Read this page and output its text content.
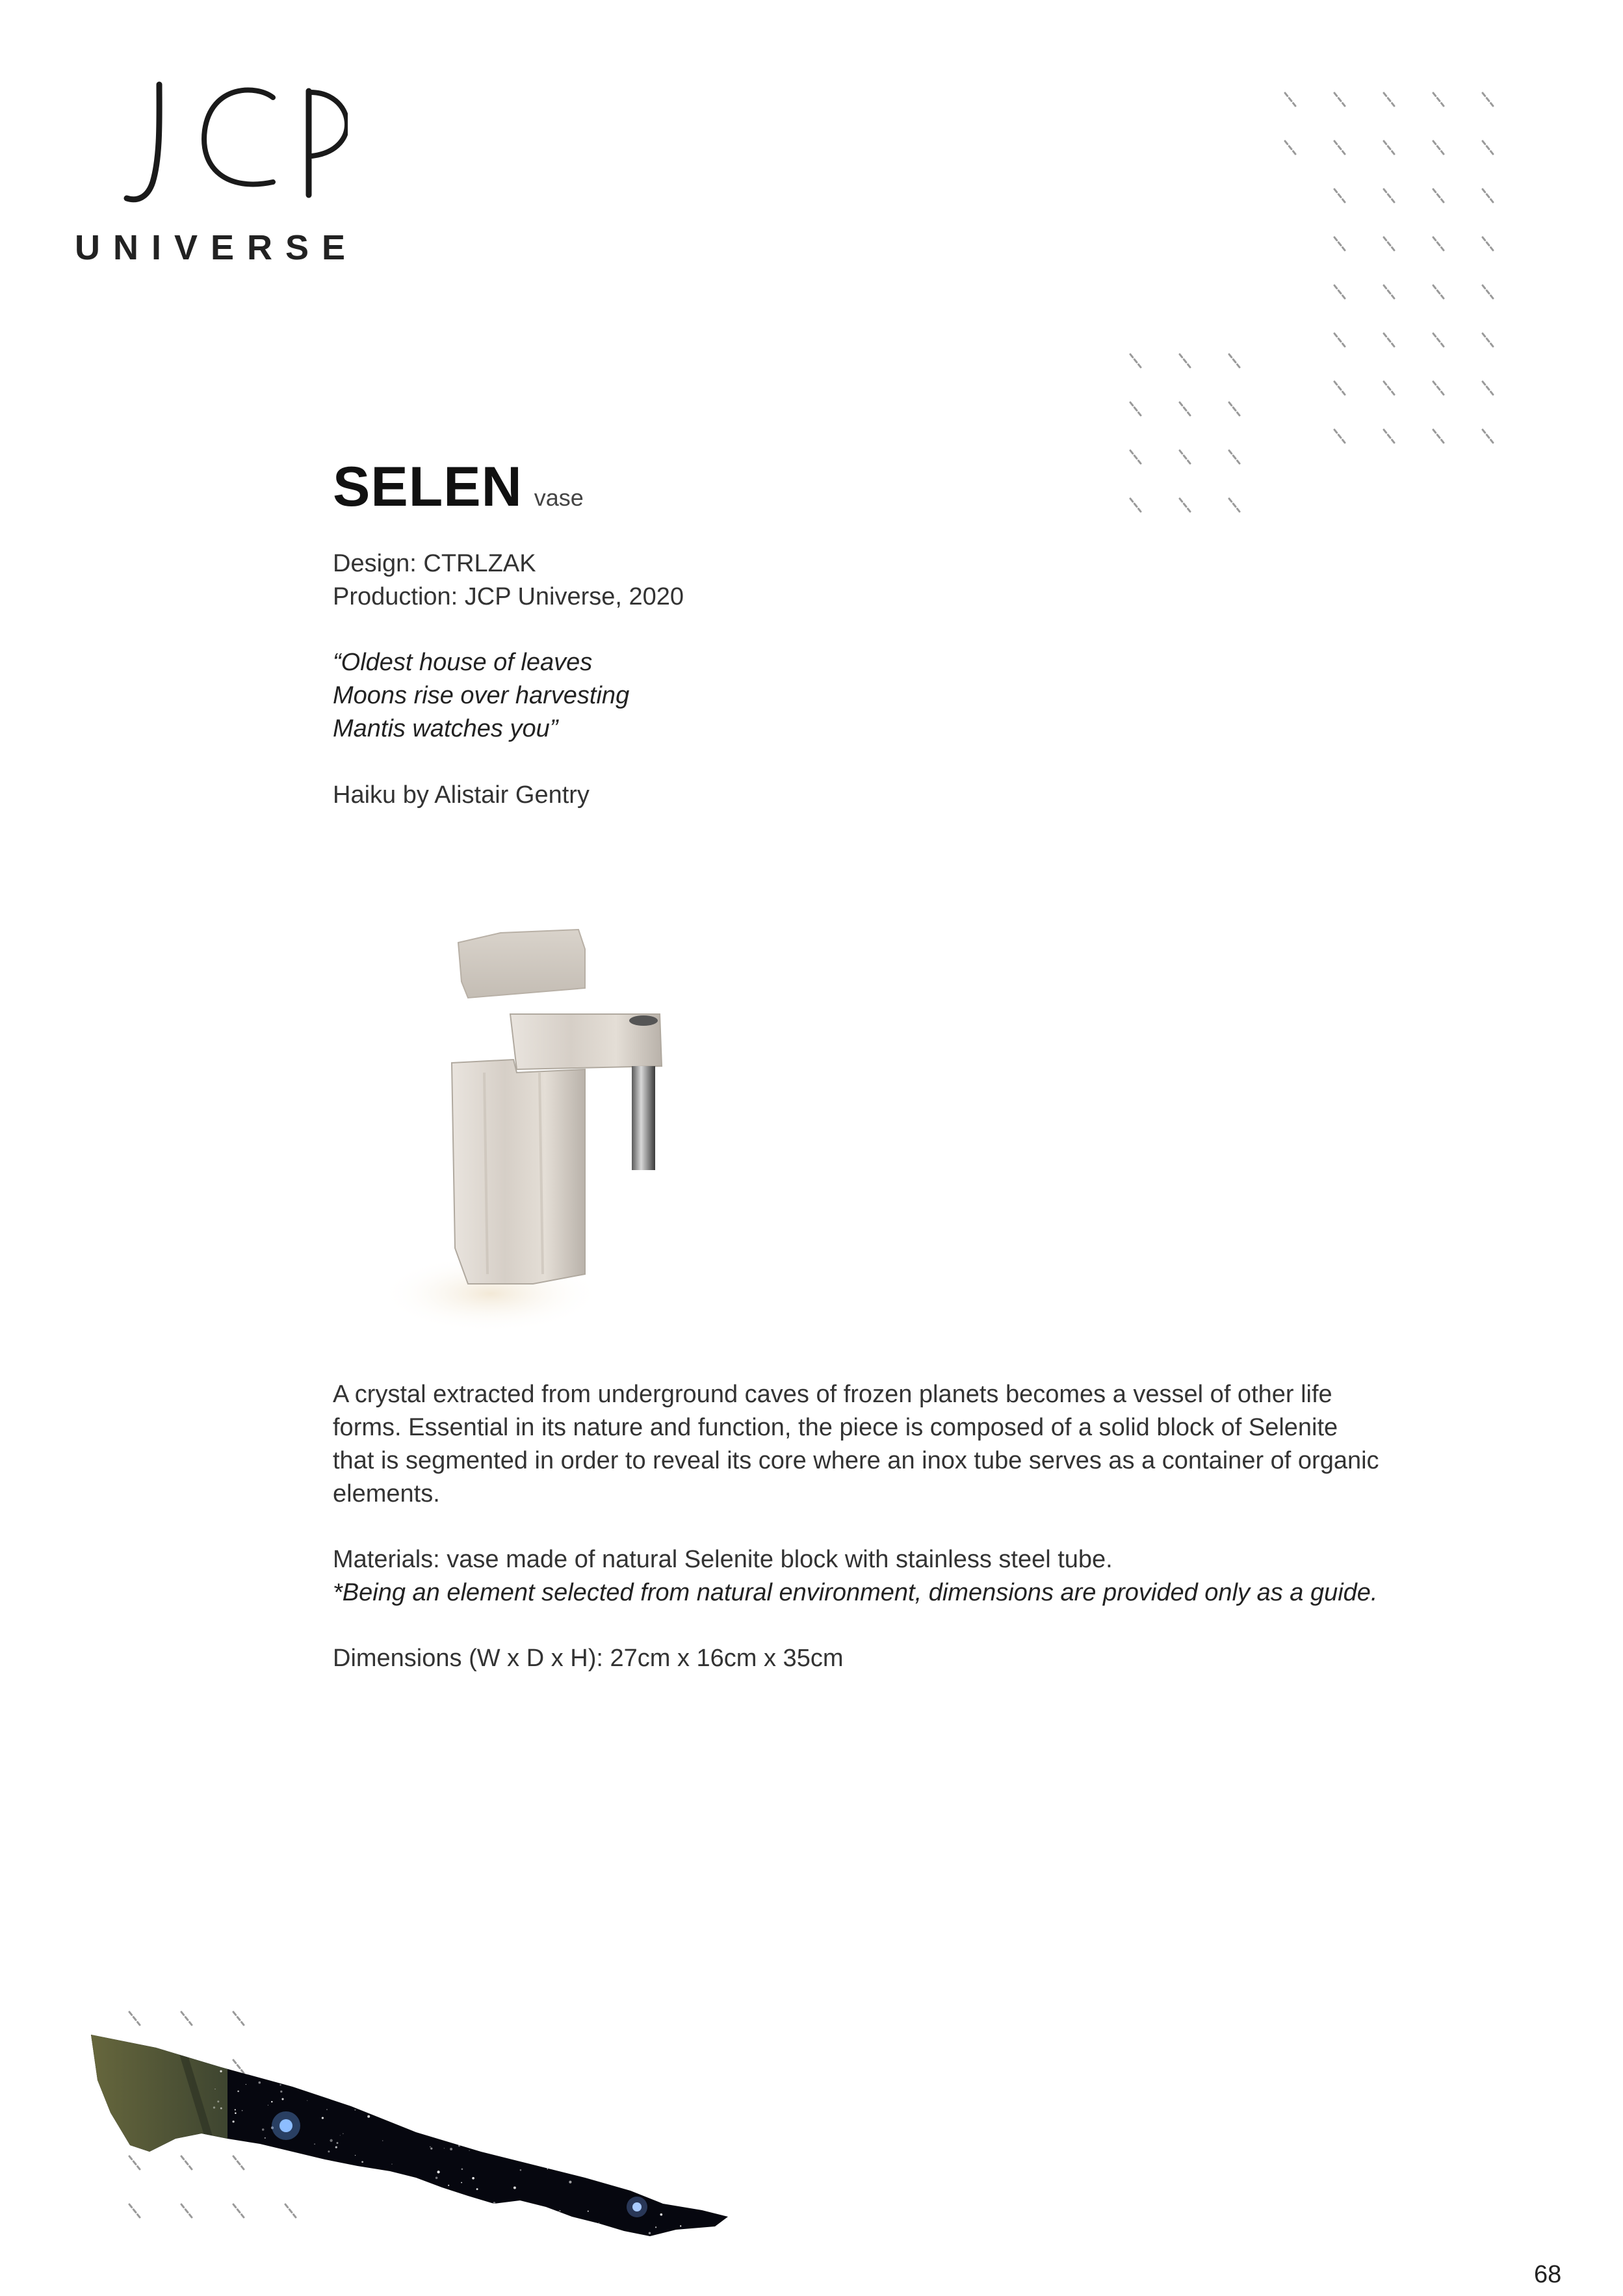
UNIVERSE
SELEN vase
Design: CTRLZAK
Production: JCP Universe, 2020
“Oldest house of leaves
Moons rise over harvesting
Mantis watches you”
Haiku by Alistair Gentry
A crystal extracted from underground caves of frozen planets becomes a vessel of other life
forms. Essential in its nature and function, the piece is composed of a solid block of Selenite
that is segmented in order to reveal its core where an inox tube serves as a container of organic
elements.
Materials: vase made of natural Selenite block with stainless steel tube.
*Being an element selected from natural environment, dimensions are provided only as a guide.
Dimensions (W x D x H): 27cm x 16cm x 35cm
68
